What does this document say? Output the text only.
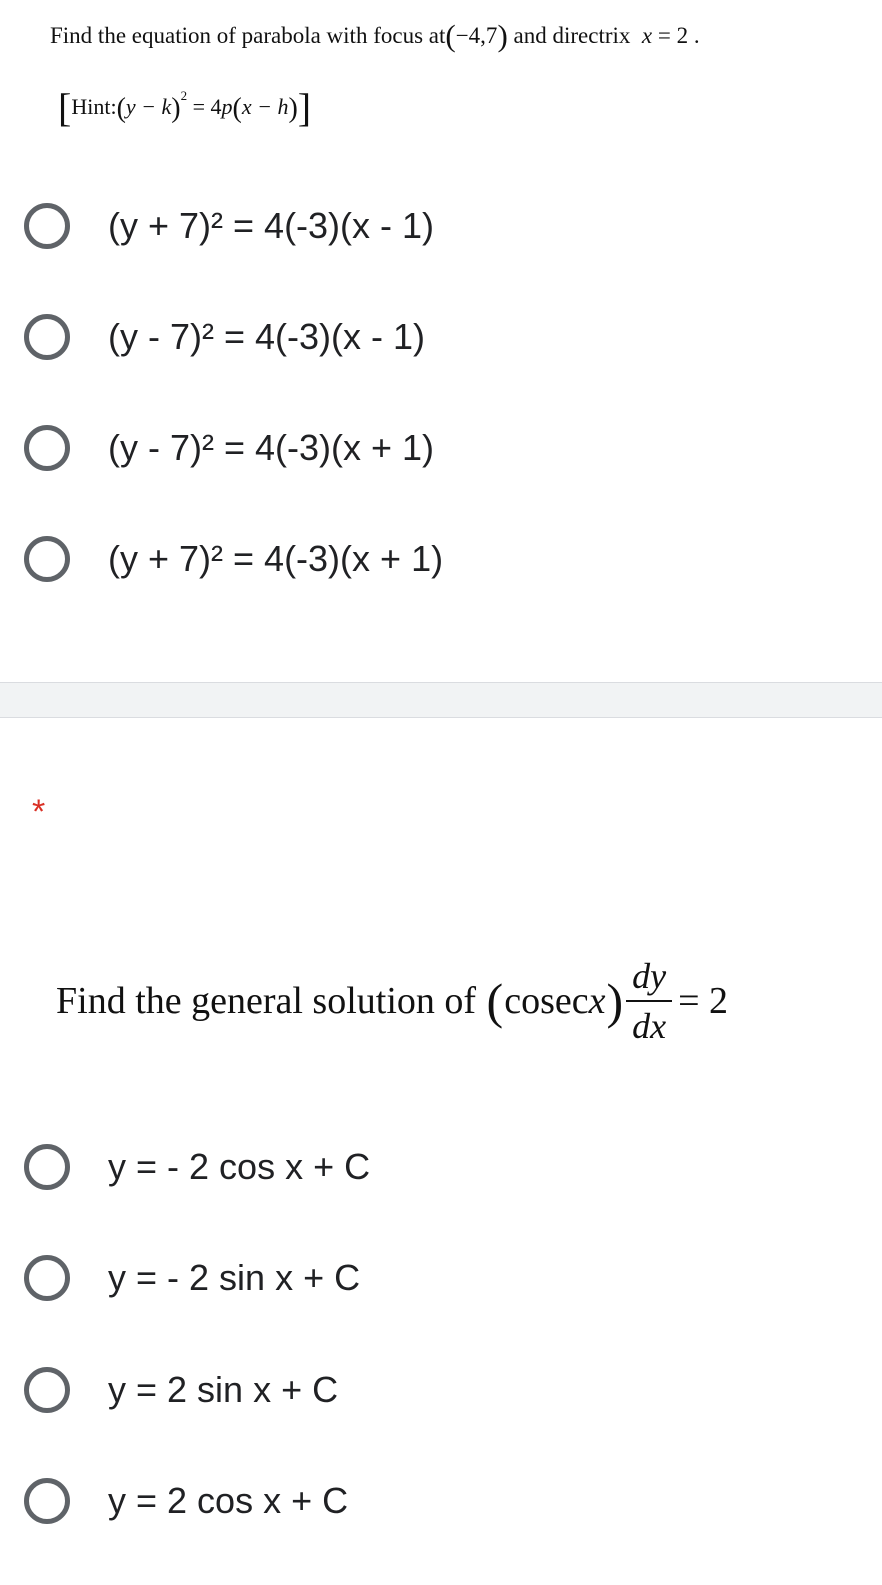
Find the equation of parabola with focus at(−4,7) and directrix x = 2 .
[Hint:(y − k)$^2$ = 4p(x − h)]
(y + 7)² = 4(-3)(x - 1)
(y - 7)² = 4(-3)(x - 1)
(y - 7)² = 4(-3)(x + 1)
(y + 7)² = 4(-3)(x + 1)
*
Find the general solution of
( cosec x ) $\frac{dy}{dx} = 2$
y = - 2 cos x + C
y = - 2 sin x + C
y = 2 sin x + C
y = 2 cos x + C
